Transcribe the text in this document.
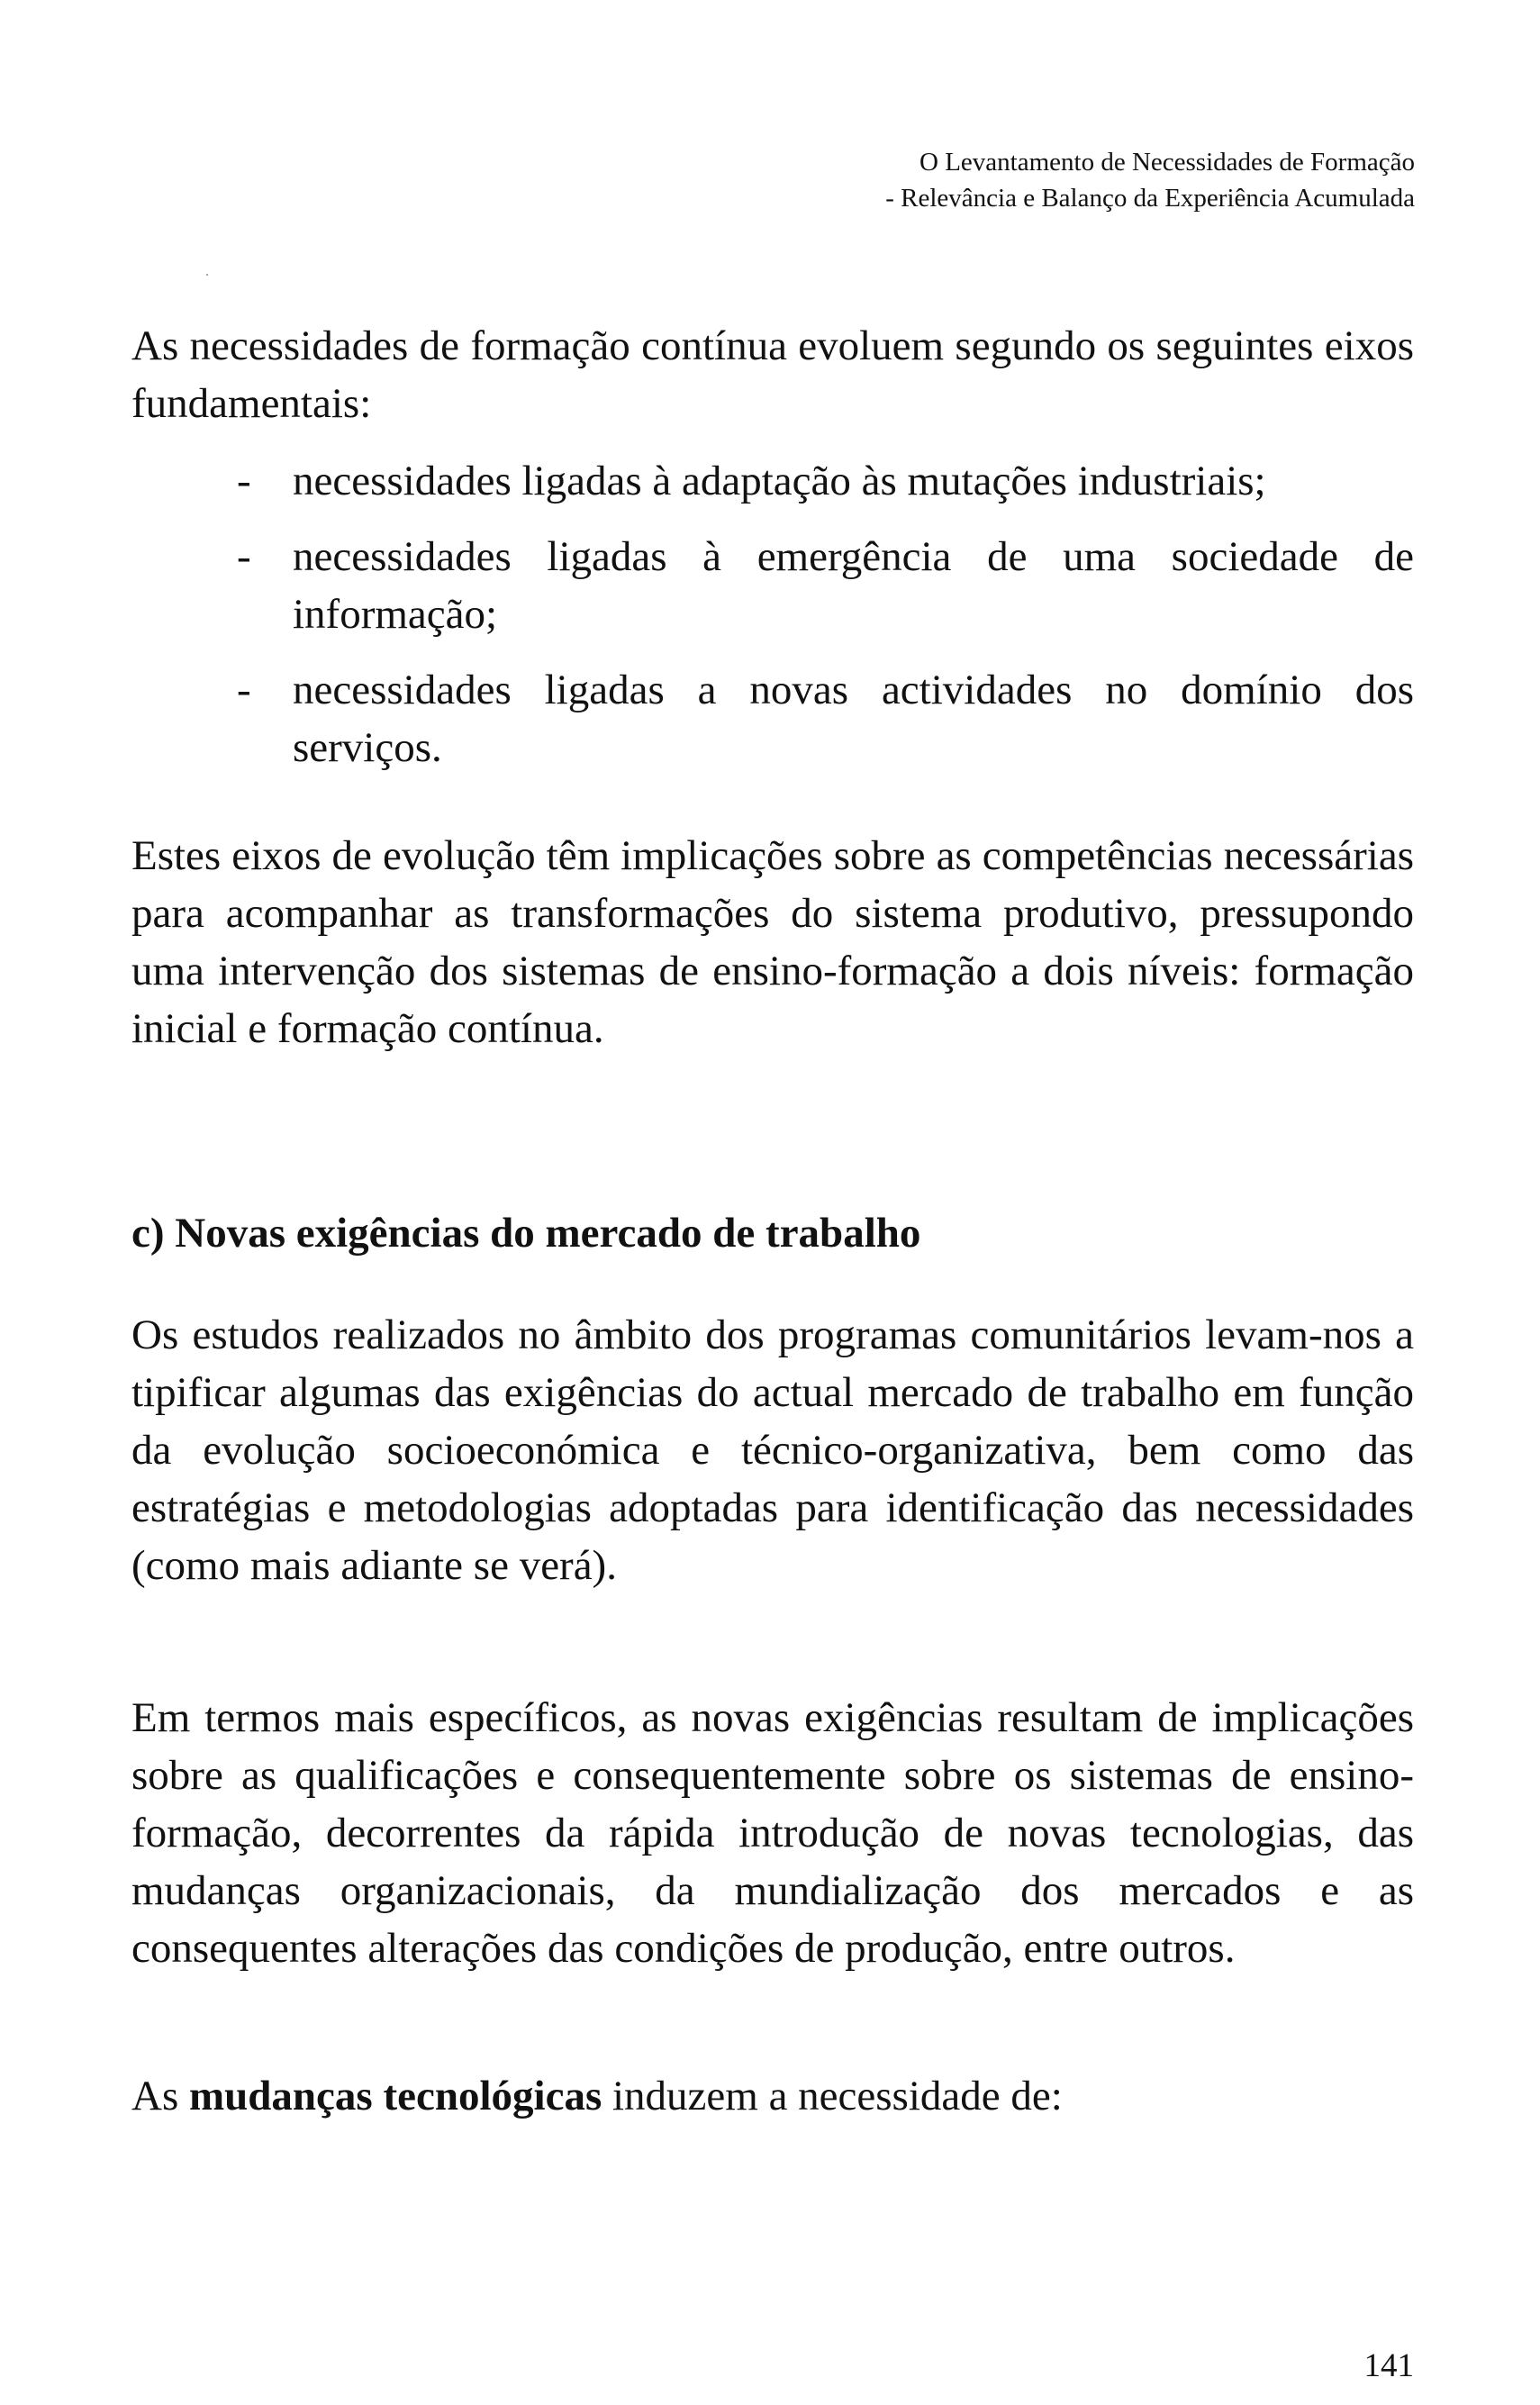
O Levantamento de Necessidades de Formação
- Relevância e Balanço da Experiência Acumulada

As necessidades de formação contínua evoluem segundo os seguintes eixos fundamentais:

- necessidades ligadas à adaptação às mutações industriais;

- necessidades ligadas à emergência de uma sociedade de informação;

- necessidades ligadas a novas actividades no domínio dos serviços.

Estes eixos de evolução têm implicações sobre as competências necessárias para acompanhar as transformações do sistema produtivo, pressupondo uma intervenção dos sistemas de ensino-formação a dois níveis: formação inicial e formação contínua.

c) Novas exigências do mercado de trabalho

Os estudos realizados no âmbito dos programas comunitários levam-nos a tipificar algumas das exigências do actual mercado de trabalho em função da evolução socioeconómica e técnico-organizativa, bem como das estratégias e metodologias adoptadas para identificação das necessidades (como mais adiante se verá).

Em termos mais específicos, as novas exigências resultam de implicações sobre as qualificações e consequentemente sobre os sistemas de ensino-formação, decorrentes da rápida introdução de novas tecnologias, das mudanças organizacionais, da mundialização dos mercados e as consequentes alterações das condições de produção, entre outros.

As mudanças tecnológicas induzem a necessidade de:

141
